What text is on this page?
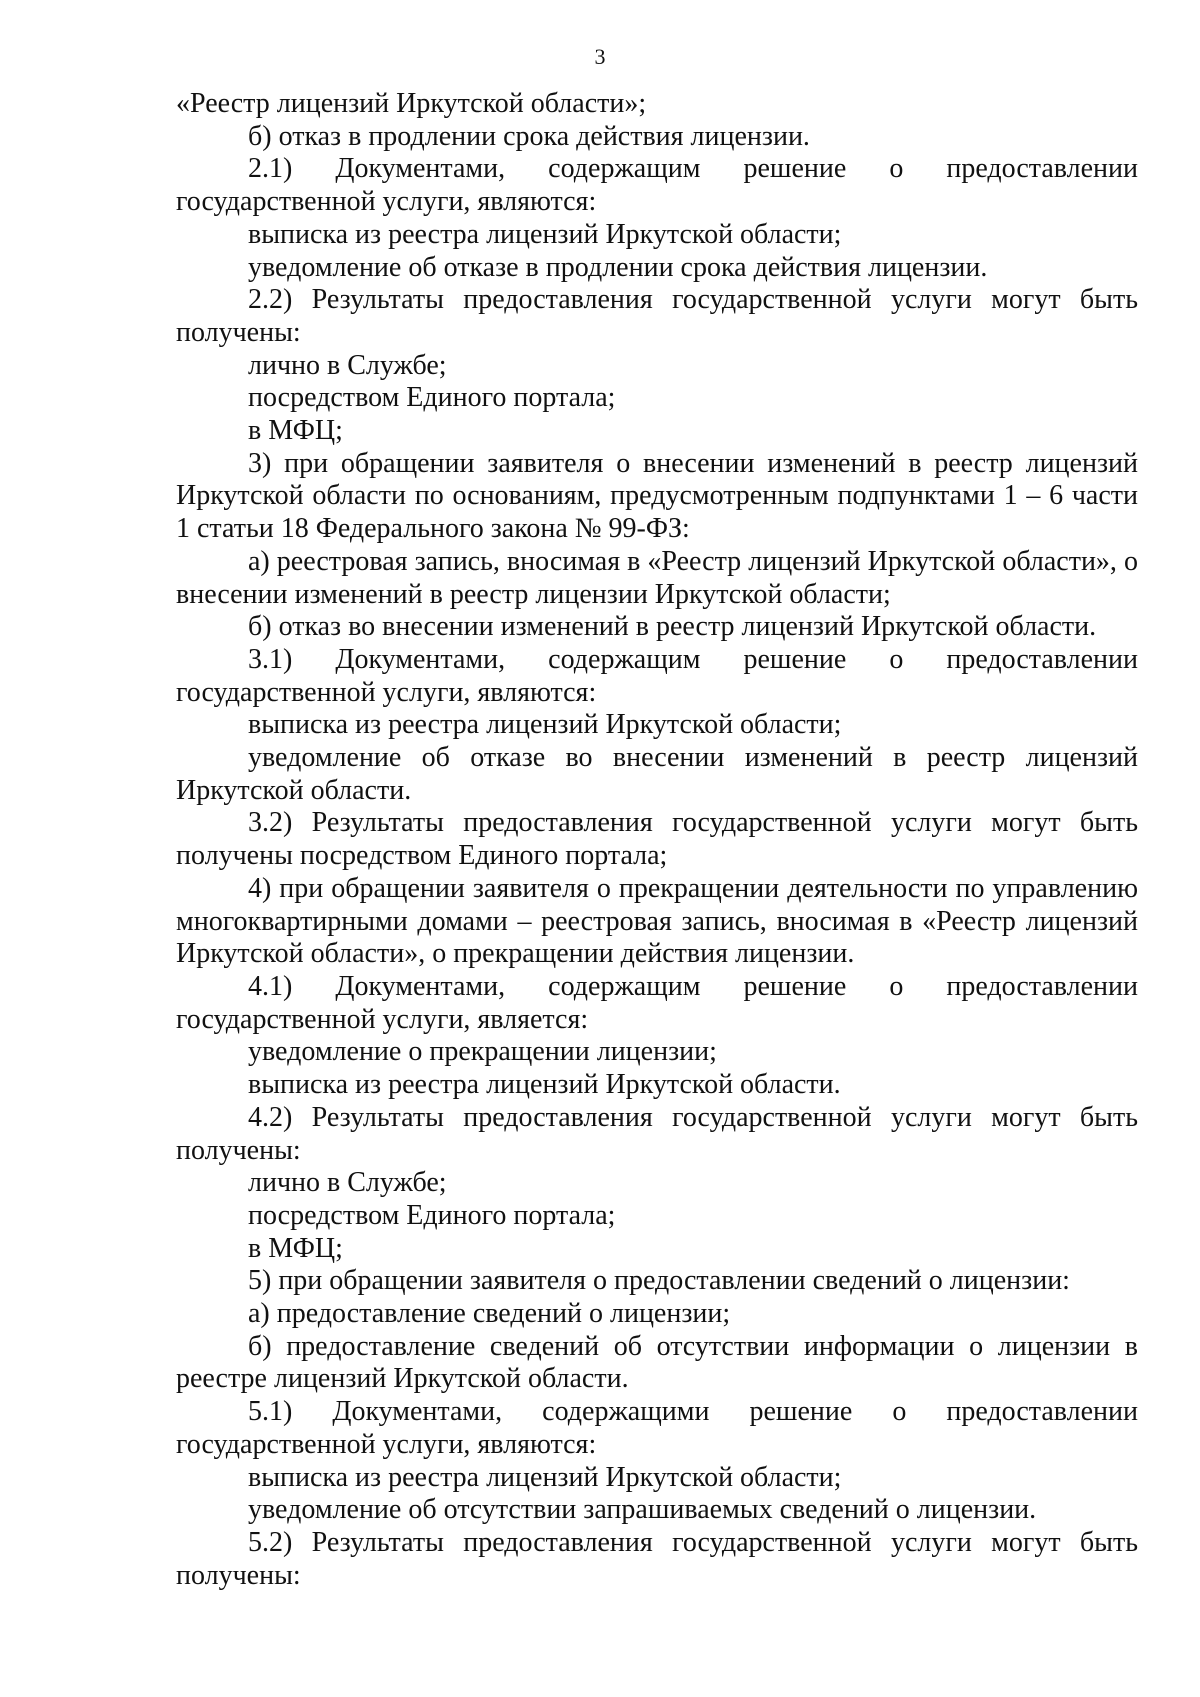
3

«Реестр лицензий Иркутской области»;

б) отказ в продлении срока действия лицензии.

2.1) Документами, содержащим решение о предоставлении государственной услуги, являются:

выписка из реестра лицензий Иркутской области;

уведомление об отказе в продлении срока действия лицензии.

2.2) Результаты предоставления государственной услуги могут быть получены:

лично в Службе;

посредством Единого портала;

в МФЦ;

3) при обращении заявителя о внесении изменений в реестр лицензий Иркутской области по основаниям, предусмотренным подпунктами 1 – 6 части 1 статьи 18 Федерального закона № 99-ФЗ:

а) реестровая запись, вносимая в «Реестр лицензий Иркутской области», о внесении изменений в реестр лицензии Иркутской области;

б) отказ во внесении изменений в реестр лицензий Иркутской области.

3.1) Документами, содержащим решение о предоставлении государственной услуги, являются:

выписка из реестра лицензий Иркутской области;

уведомление об отказе во внесении изменений в реестр лицензий Иркутской области.

3.2) Результаты предоставления государственной услуги могут быть получены посредством Единого портала;

4) при обращении заявителя о прекращении деятельности по управлению многоквартирными домами – реестровая запись, вносимая в «Реестр лицензий Иркутской области», о прекращении действия лицензии.

4.1) Документами, содержащим решение о предоставлении государственной услуги, является:

уведомление о прекращении лицензии;

выписка из реестра лицензий Иркутской области.

4.2) Результаты предоставления государственной услуги могут быть получены:

лично в Службе;

посредством Единого портала;

в МФЦ;

5) при обращении заявителя о предоставлении сведений о лицензии:

а) предоставление сведений о лицензии;

б) предоставление сведений об отсутствии информации о лицензии в реестре лицензий Иркутской области.

5.1) Документами, содержащими решение о предоставлении государственной услуги, являются:

выписка из реестра лицензий Иркутской области;

уведомление об отсутствии запрашиваемых сведений о лицензии.

5.2) Результаты предоставления государственной услуги могут быть получены:
